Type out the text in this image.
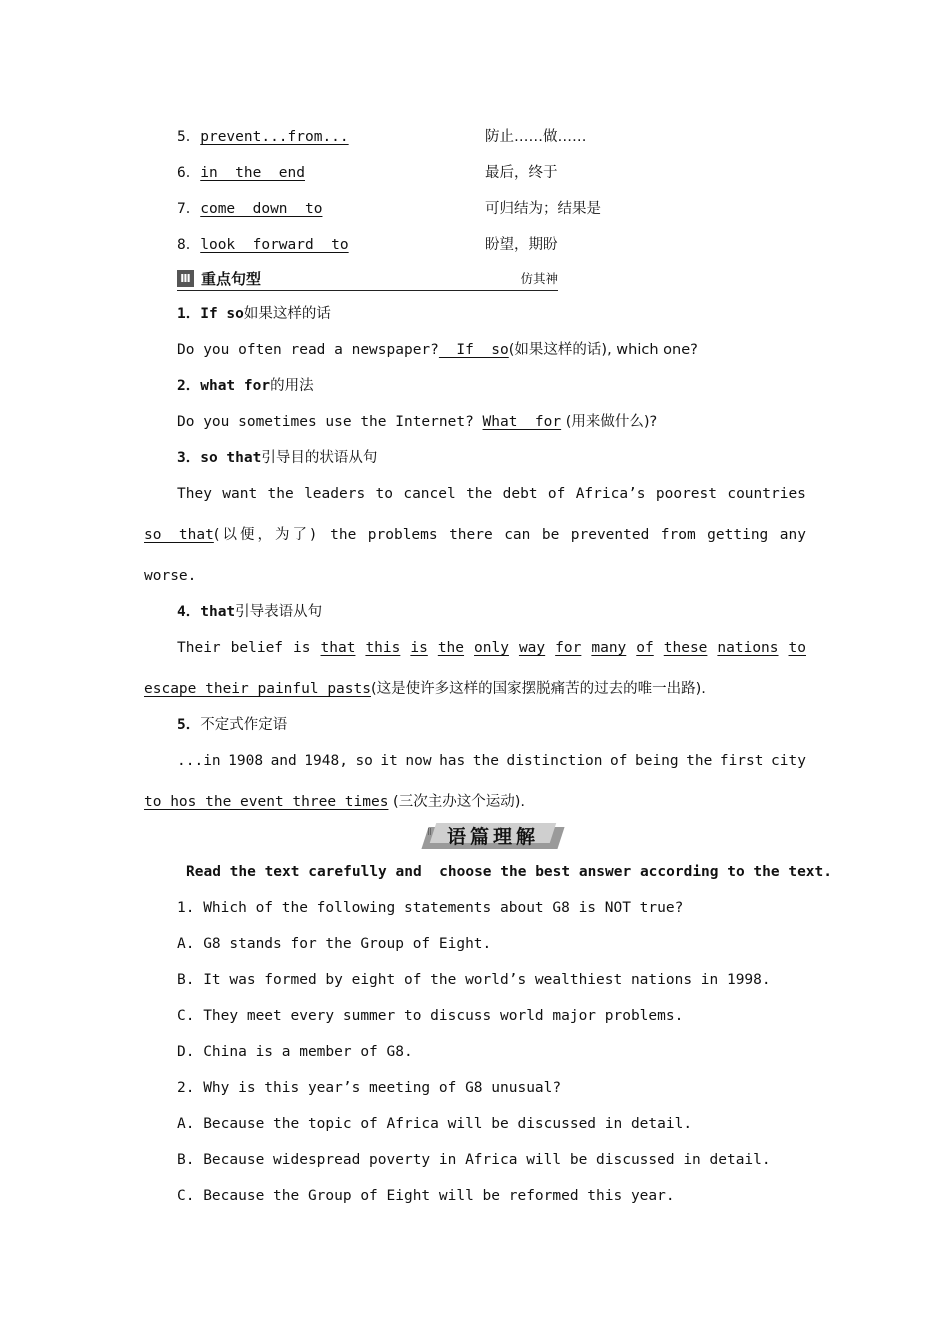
5．prevent...from...	防止……做……
6．in  the  end	最后，终于
7．come  down  to	可归结为；结果是
8．look  forward  to	盼望，期盼
Ⅲ 重点句型	仿其神
1．If so如果这样的话
Do you often read a newspaper?  If  so(如果这样的话), which one?
2．what for的用法
Do you sometimes use the Internet? What  for (用来做什么)?
3．so that引导目的状语从句
They want the leaders to cancel the debt of Africa’s poorest countries
so  that(以便，为了) the problems there can be prevented from getting any
worse.
4．that引导表语从句
Their belief is that this is the only way for many of these nations to
escape their painful pasts(这是使许多这样的国家摆脱痛苦的过去的唯一出路).
5．不定式作定语
...in 1908 and 1948, so it now has the distinction of being the first city
to hos the event three times (三次主办这个运动).
Ⅱ 语篇理解
Read the text carefully and  choose the best answer according to the text.
1. Which of the following statements about G8 is NOT true?
A. G8 stands for the Group of Eight.
B. It was formed by eight of the world’s wealthiest nations in 1998.
C. They meet every summer to discuss world major problems.
D. China is a member of G8.
2. Why is this year’s meeting of G8 unusual?
A. Because the topic of Africa will be discussed in detail.
B. Because widespread poverty in Africa will be discussed in detail.
C. Because the Group of Eight will be reformed this year.
